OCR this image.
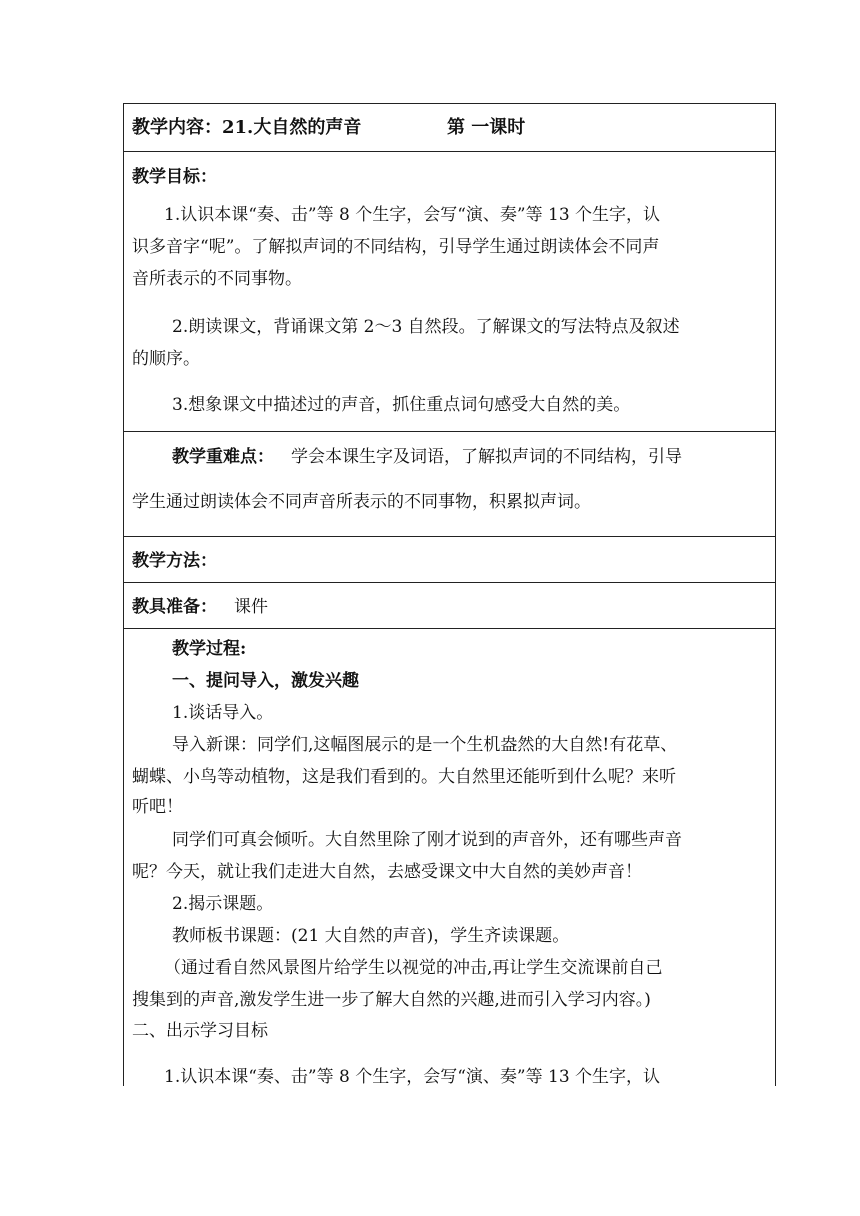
教学内容：21.大自然的声音	第 一课时
教学目标：
1.认识本课“奏、击”等 8 个生字，会写“演、奏”等 13 个生字，认
识多音字“呢”。了解拟声词的不同结构，引导学生通过朗读体会不同声
音所表示的不同事物。
2.朗读课文，背诵课文第 2～3 自然段。了解课文的写法特点及叙述
的顺序。
3.想象课文中描述过的声音，抓住重点词句感受大自然的美。
教学重难点： 学会本课生字及词语，了解拟声词的不同结构，引导
学生通过朗读体会不同声音所表示的不同事物，积累拟声词。
教学方法：
教具准备： 课件
教学过程:
一、提问导入，激发兴趣
1.谈话导入。
导入新课：同学们,这幅图展示的是一个生机盎然的大自然!有花草、
蝴蝶、小鸟等动植物，这是我们看到的。大自然里还能听到什么呢？来听
听吧！
同学们可真会倾听。大自然里除了刚才说到的声音外，还有哪些声音
呢？今天，就让我们走进大自然，去感受课文中大自然的美妙声音！
2.揭示课题。
教师板书课题：(21 大自然的声音)，学生齐读课题。
（通过看自然风景图片给学生以视觉的冲击,再让学生交流课前自己
搜集到的声音,激发学生进一步了解大自然的兴趣,进而引入学习内容。)
二、出示学习目标
1.认识本课“奏、击”等 8 个生字，会写“演、奏”等 13 个生字，认
